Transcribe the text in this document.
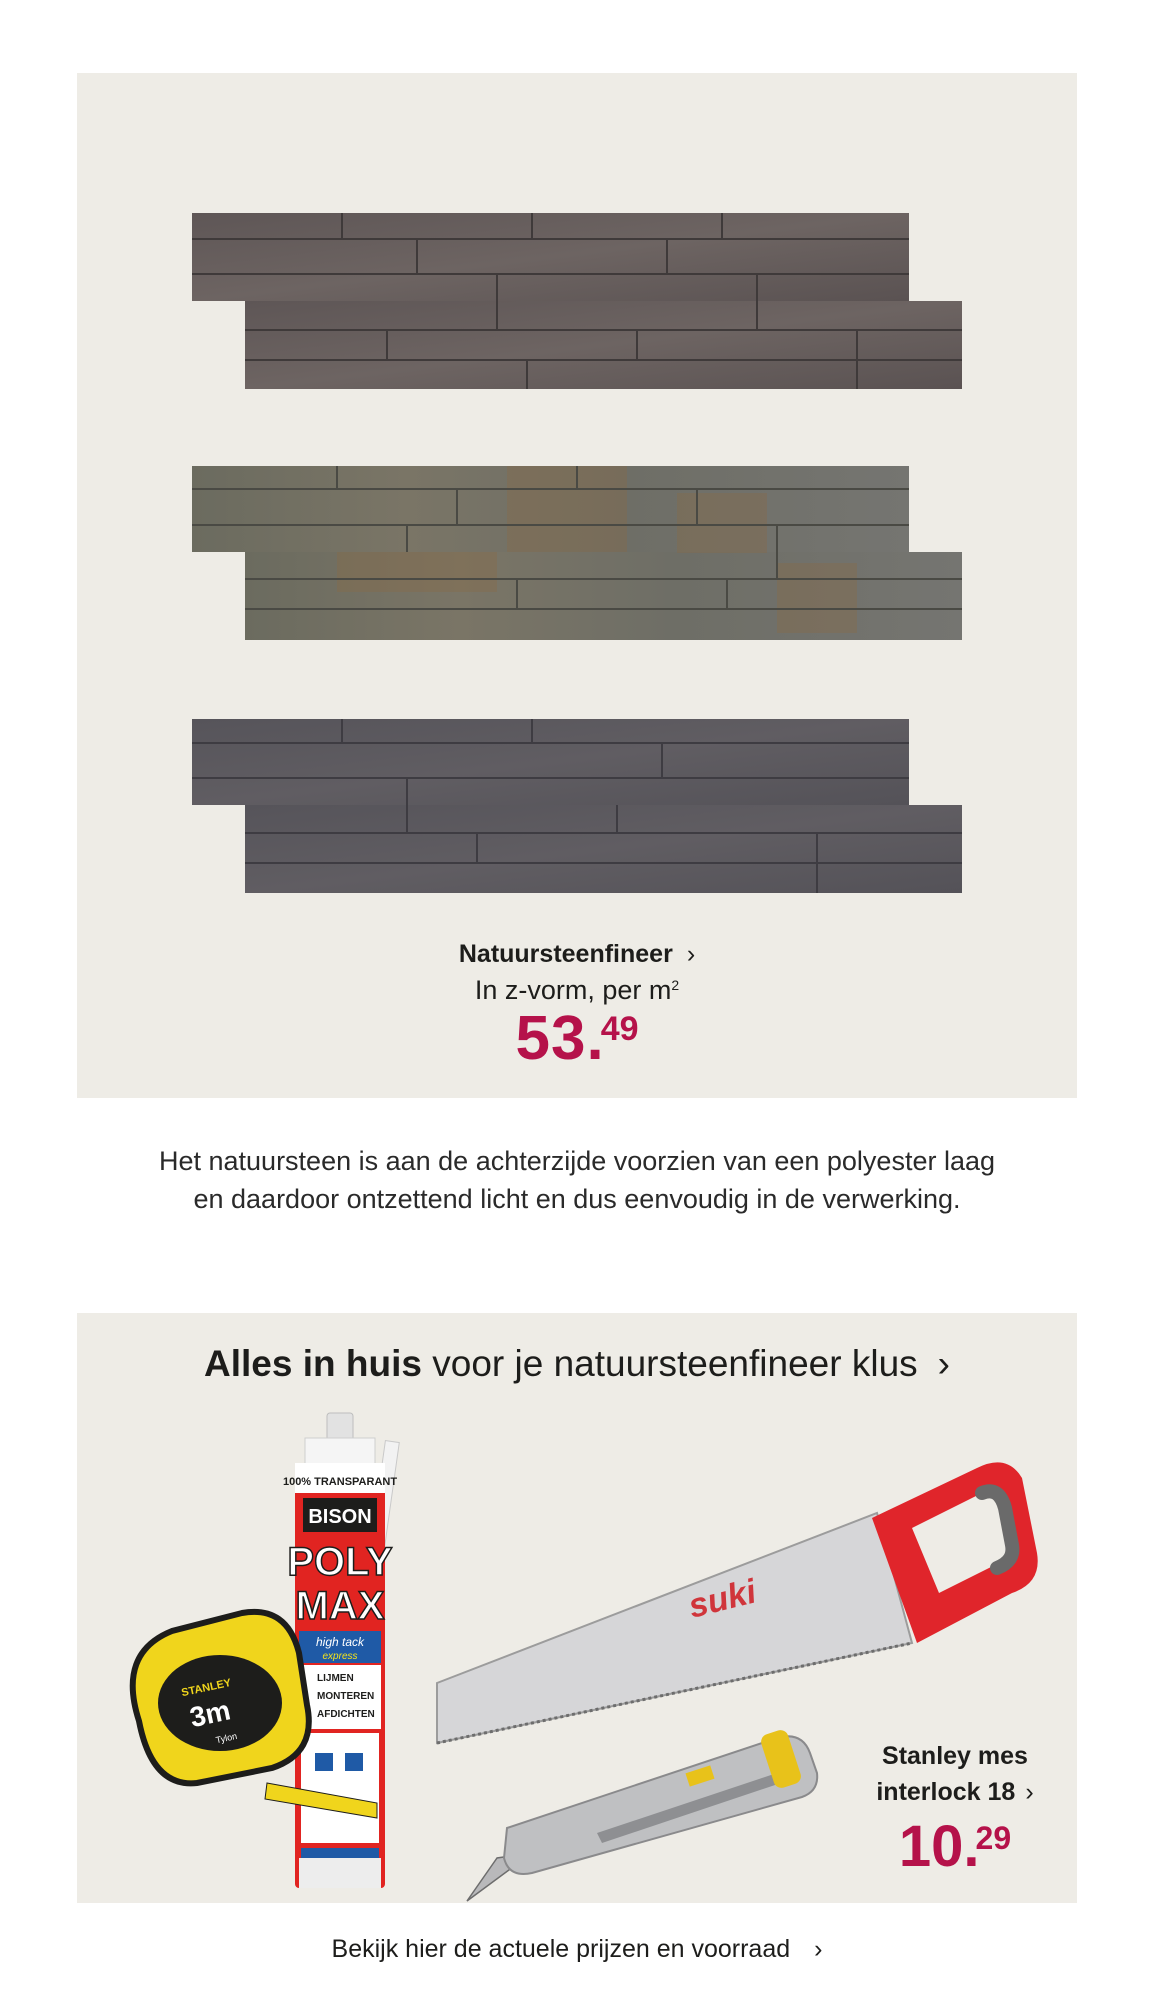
Natuursteenfineer ›
In z-vorm, per $m^2$
53.49
Het natuursteen is aan de achterzijde voorzien van een polyester laag en daardoor ontzettend licht en dus eenvoudig in de verwerking.
Alles in huis voor je natuursteenfineer klus ›
suki
100% TRANSPARANT
BISON
POLY
MAX
high tack
express
LIJMEN
MONTEREN
AFDICHTEN
STANLEY
3m
Tylon
Stanley mes
interlock 18 ›
10.29
Bekijk hier de actuele prijzen en voorraad ›
